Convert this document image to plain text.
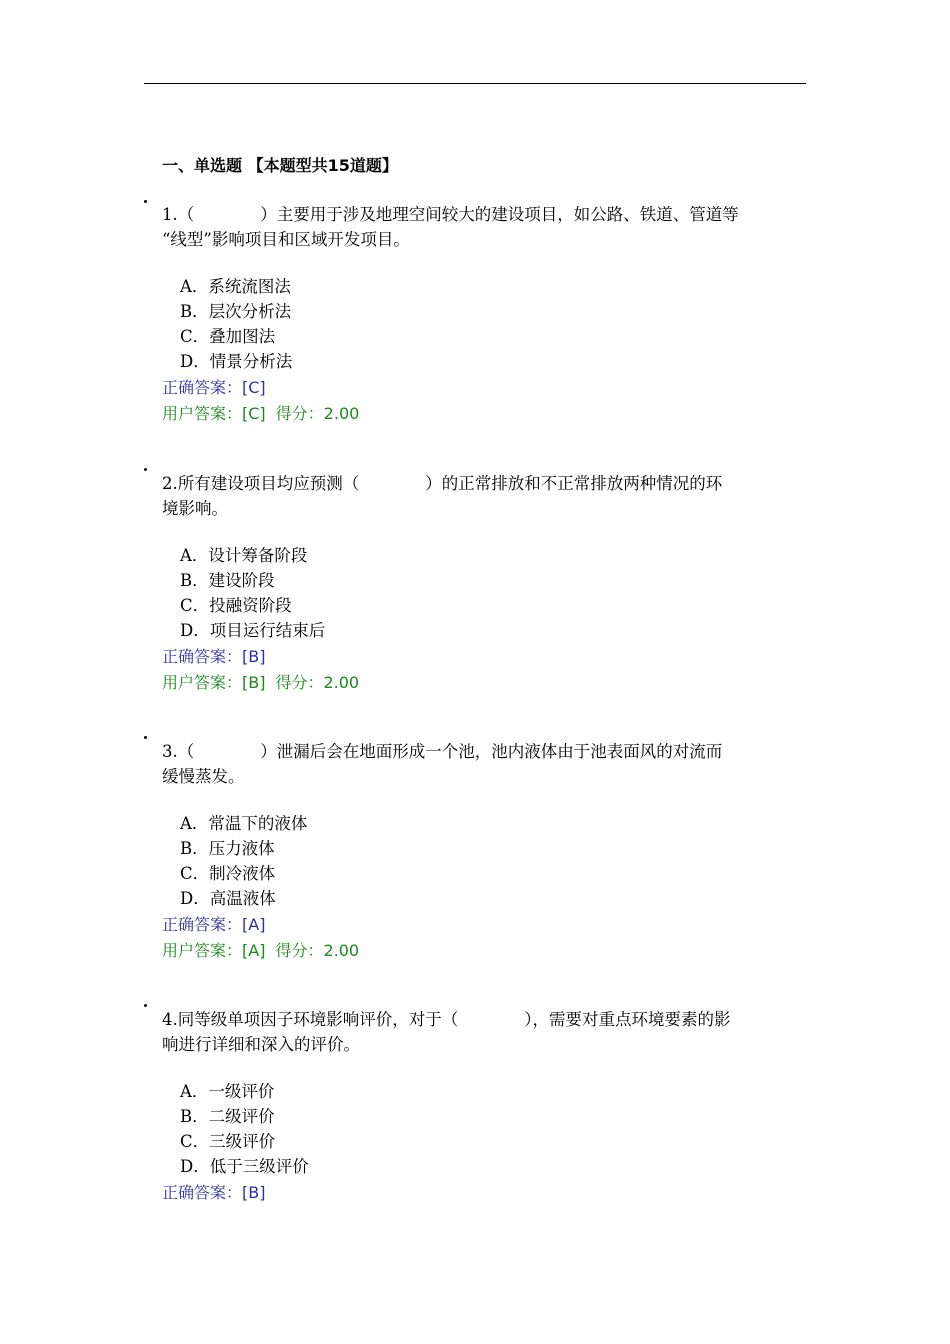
一、单选题 【本题型共15道题】

1.（　　　　）主要用于涉及地理空间较大的建设项目，如公路、铁道、管道等
“线型”影响项目和区域开发项目。

A．系统流图法
B．层次分析法
C．叠加图法
D．情景分析法
正确答案：[C]
用户答案：[C] 得分：2.00

2.所有建设项目均应预测（　　　　）的正常排放和不正常排放两种情况的环
境影响。

A．设计筹备阶段
B．建设阶段
C．投融资阶段
D．项目运行结束后
正确答案：[B]
用户答案：[B] 得分：2.00

3.（　　　　）泄漏后会在地面形成一个池，池内液体由于池表面风的对流而
缓慢蒸发。

A．常温下的液体
B．压力液体
C．制冷液体
D．高温液体
正确答案：[A]
用户答案：[A] 得分：2.00

4.同等级单项因子环境影响评价，对于（　　　　），需要对重点环境要素的影
响进行详细和深入的评价。

A．一级评价
B．二级评价
C．三级评价
D．低于三级评价
正确答案：[B]
